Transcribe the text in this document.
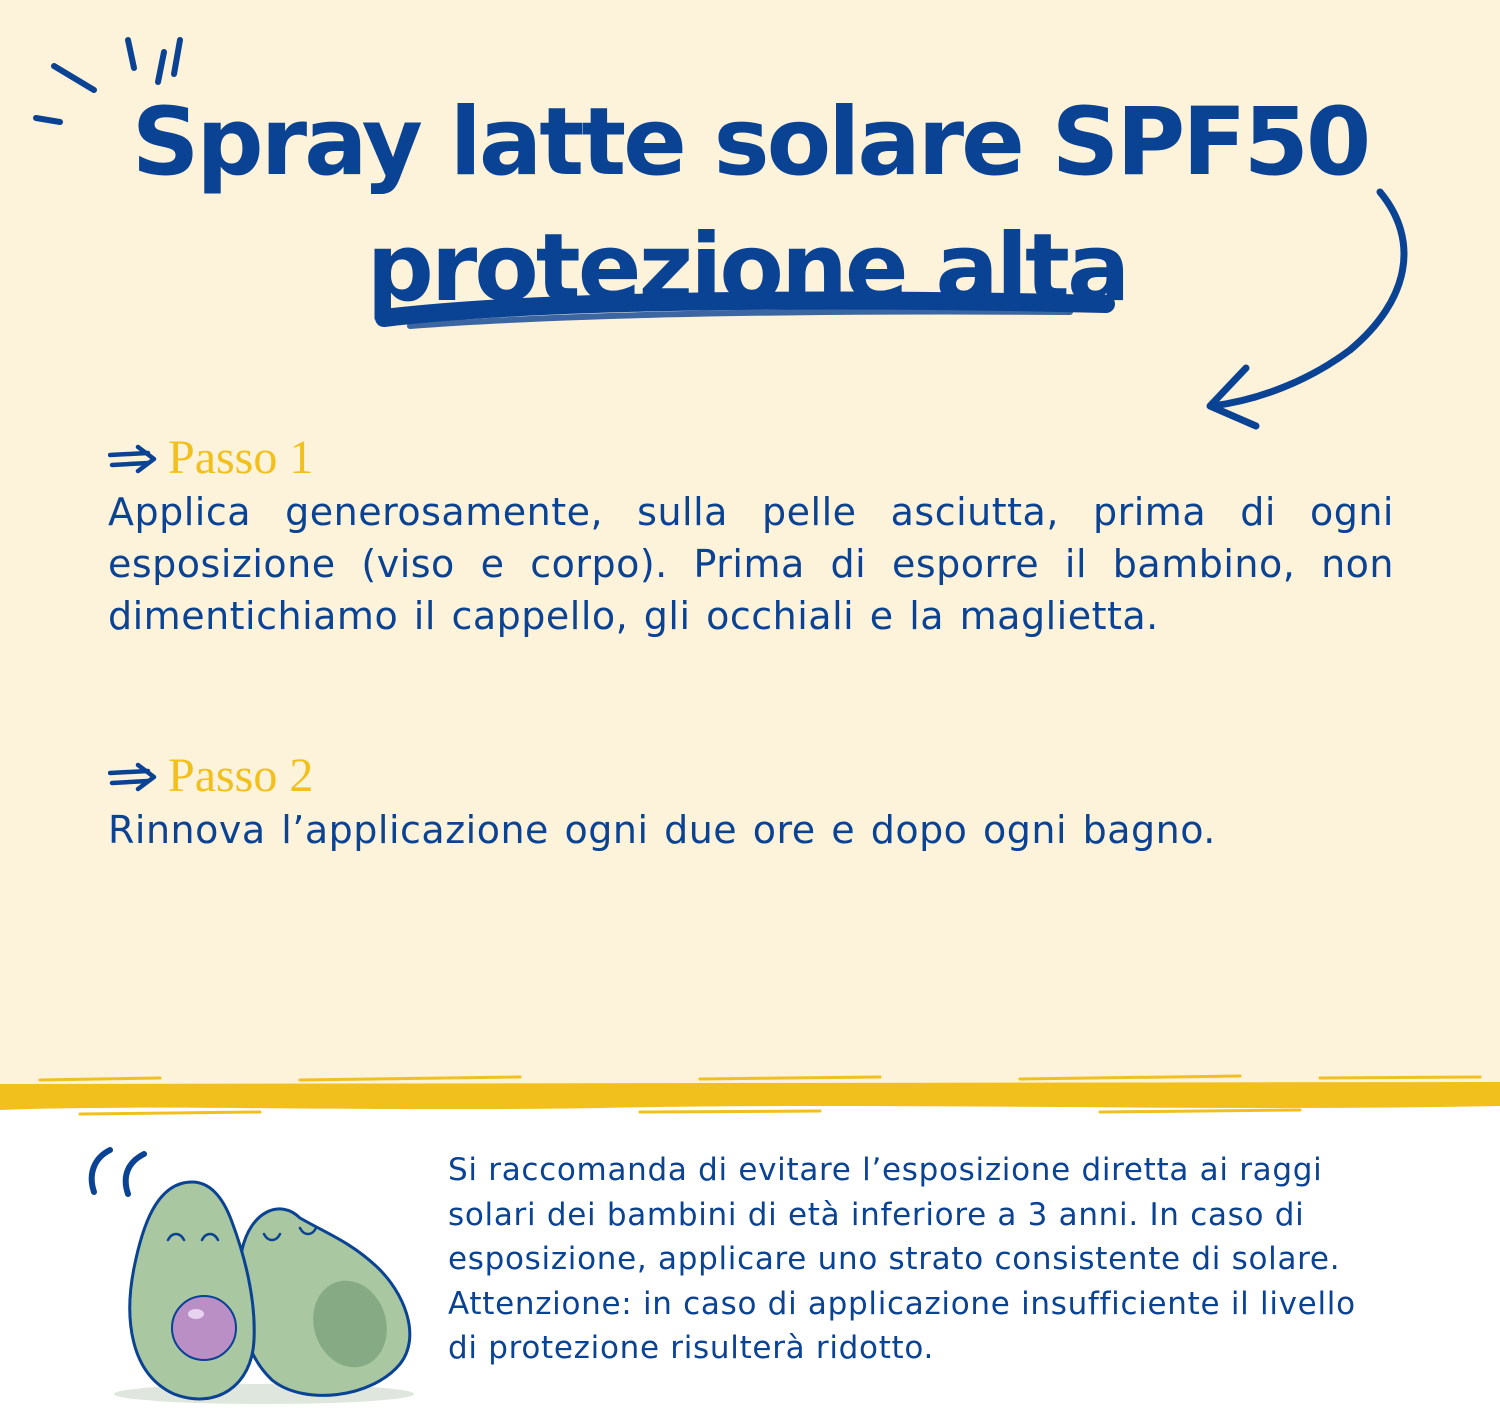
Spray latte solare SPF50
protezione alta
Passo 1
Applica generosamente, sulla pelle asciutta, prima di ogni esposizione (viso e corpo). Prima di esporre il bambino, non dimentichiamo il cappello, gli occhiali e la maglietta.
Passo 2
Rinnova l’applicazione ogni due ore e dopo ogni bagno.

Si raccomanda di evitare l’esposizione diretta ai raggi solari dei bambini di età inferiore a 3 anni. In caso di esposizione, applicare uno strato consistente di solare. Attenzione: in caso di applicazione insufficiente il livello di protezione risulterà ridotto.
